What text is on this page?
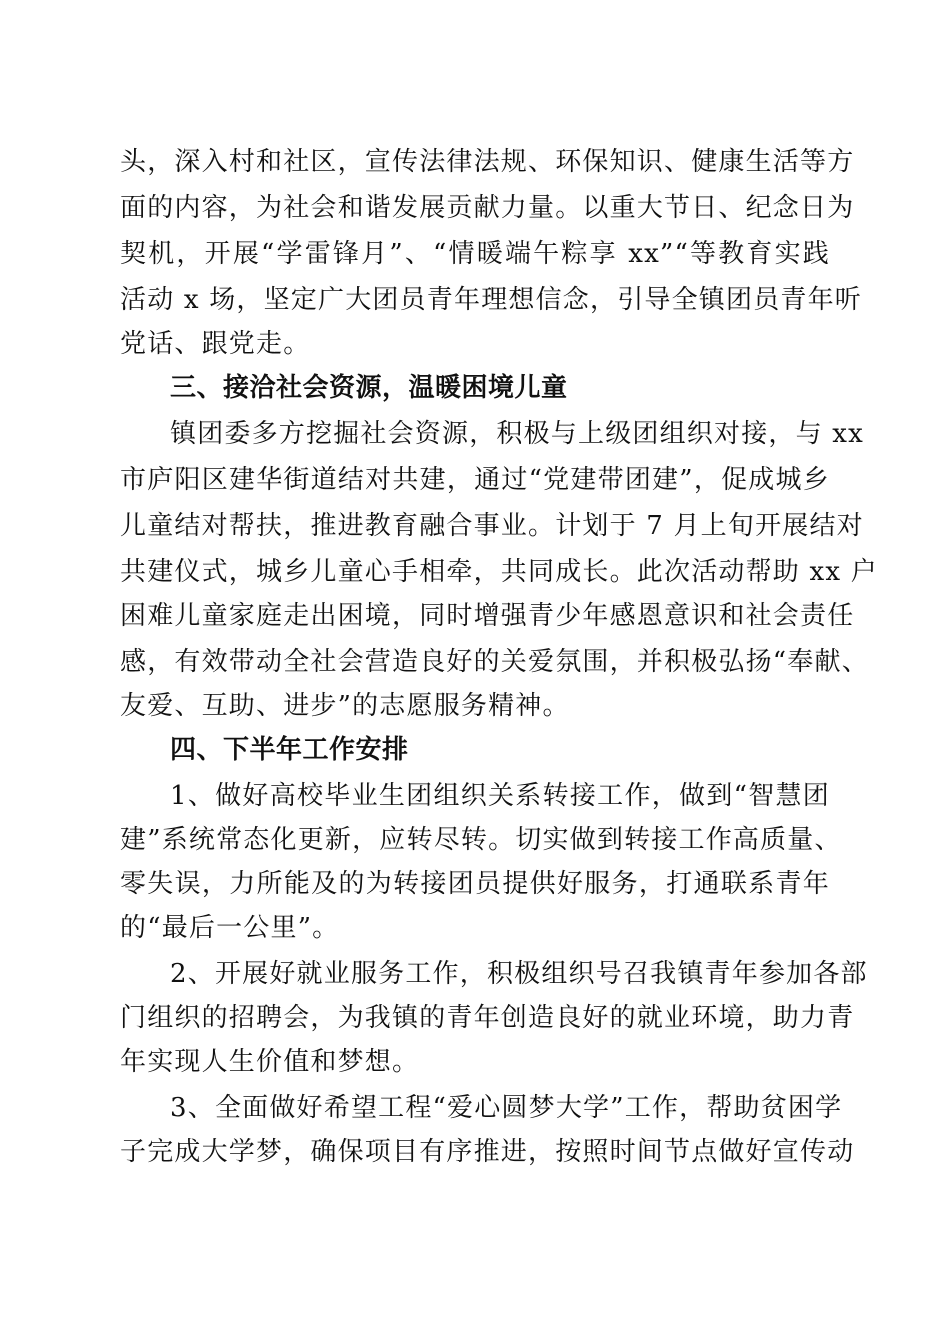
头，深入村和社区，宣传法律法规、环保知识、健康生活等方
面的内容，为社会和谐发展贡献力量。以重大节日、纪念日为
契机，开展“学雷锋月”、“情暖端午粽享 xx”“等教育实践
活动 x 场，坚定广大团员青年理想信念，引导全镇团员青年听
党话、跟党走。
三、接洽社会资源，温暖困境儿童
镇团委多方挖掘社会资源，积极与上级团组织对接，与 xx
市庐阳区建华街道结对共建，通过“党建带团建”，促成城乡
儿童结对帮扶，推进教育融合事业。计划于 7 月上旬开展结对
共建仪式，城乡儿童心手相牵，共同成长。此次活动帮助 xx 户
困难儿童家庭走出困境，同时增强青少年感恩意识和社会责任
感，有效带动全社会营造良好的关爱氛围，并积极弘扬“奉献、
友爱、互助、进步”的志愿服务精神。
四、下半年工作安排
1、做好高校毕业生团组织关系转接工作，做到“智慧团
建”系统常态化更新，应转尽转。切实做到转接工作高质量、
零失误，力所能及的为转接团员提供好服务，打通联系青年
的“最后一公里”。
2、开展好就业服务工作，积极组织号召我镇青年参加各部
门组织的招聘会，为我镇的青年创造良好的就业环境，助力青
年实现人生价值和梦想。
3、全面做好希望工程“爱心圆梦大学”工作，帮助贫困学
子完成大学梦，确保项目有序推进，按照时间节点做好宣传动
